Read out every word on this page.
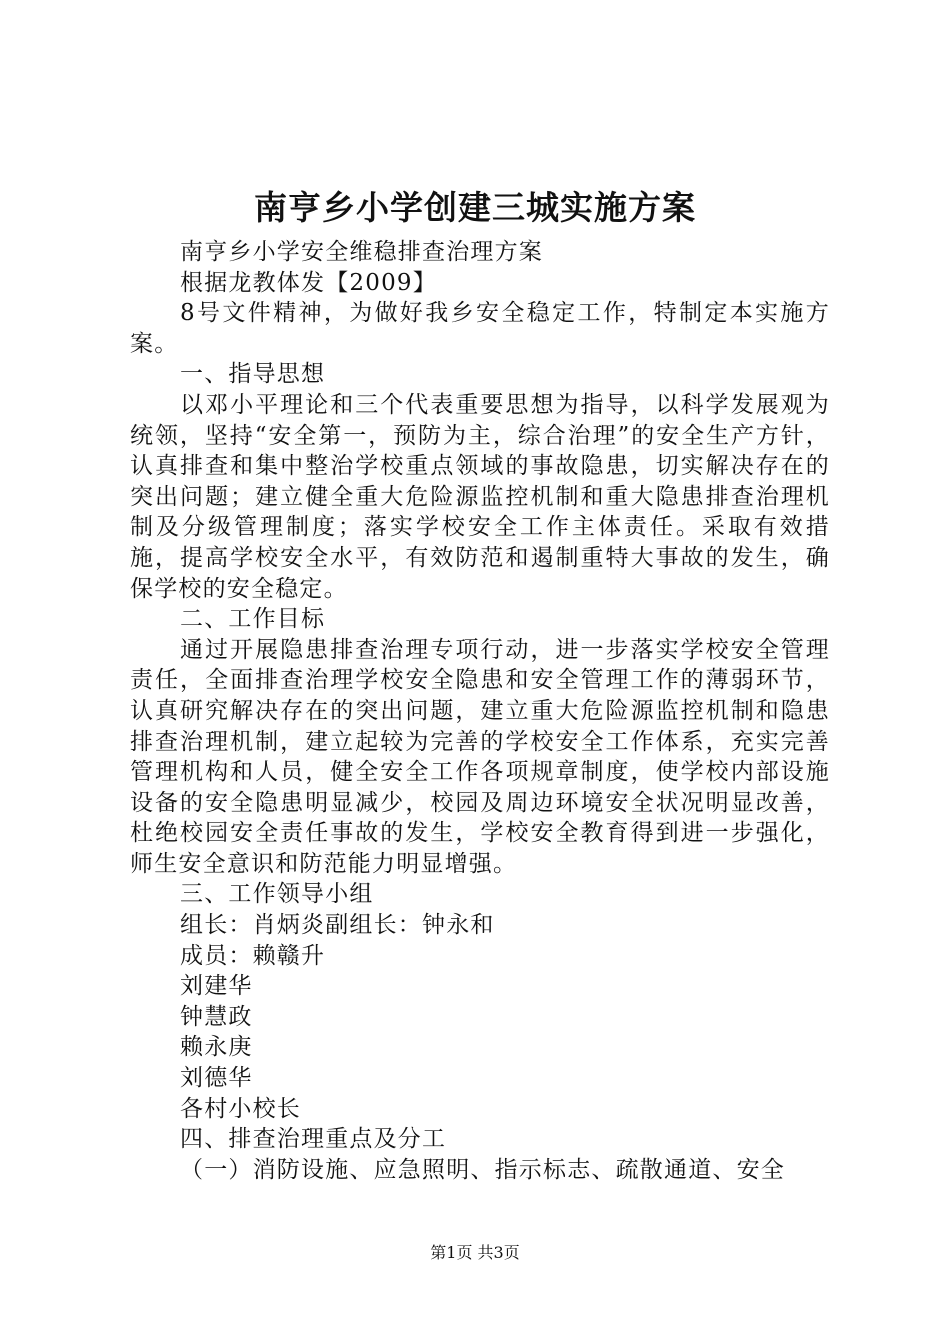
南亨乡小学创建三城实施方案

南亨乡小学安全维稳排查治理方案

根据龙教体发【2009】

8号文件精神，为做好我乡安全稳定工作，特制定本实施方案。

一、指导思想

以邓小平理论和三个代表重要思想为指导，以科学发展观为统领，坚持“安全第一，预防为主，综合治理”的安全生产方针，认真排查和集中整治学校重点领域的事故隐患，切实解决存在的突出问题；建立健全重大危险源监控机制和重大隐患排查治理机制及分级管理制度；落实学校安全工作主体责任。采取有效措施，提高学校安全水平，有效防范和遏制重特大事故的发生，确保学校的安全稳定。

二、工作目标

通过开展隐患排查治理专项行动，进一步落实学校安全管理责任，全面排查治理学校安全隐患和安全管理工作的薄弱环节，认真研究解决存在的突出问题，建立重大危险源监控机制和隐患排查治理机制，建立起较为完善的学校安全工作体系，充实完善管理机构和人员，健全安全工作各项规章制度，使学校内部设施设备的安全隐患明显减少，校园及周边环境安全状况明显改善，杜绝校园安全责任事故的发生，学校安全教育得到进一步强化，师生安全意识和防范能力明显增强。

三、工作领导小组

组长：肖炳炎副组长：钟永和

成员：赖赣升

刘建华

钟慧政

赖永庚

刘德华

各村小校长

四、排查治理重点及分工

（一）消防设施、应急照明、指示标志、疏散通道、安全

第1页 共3页
